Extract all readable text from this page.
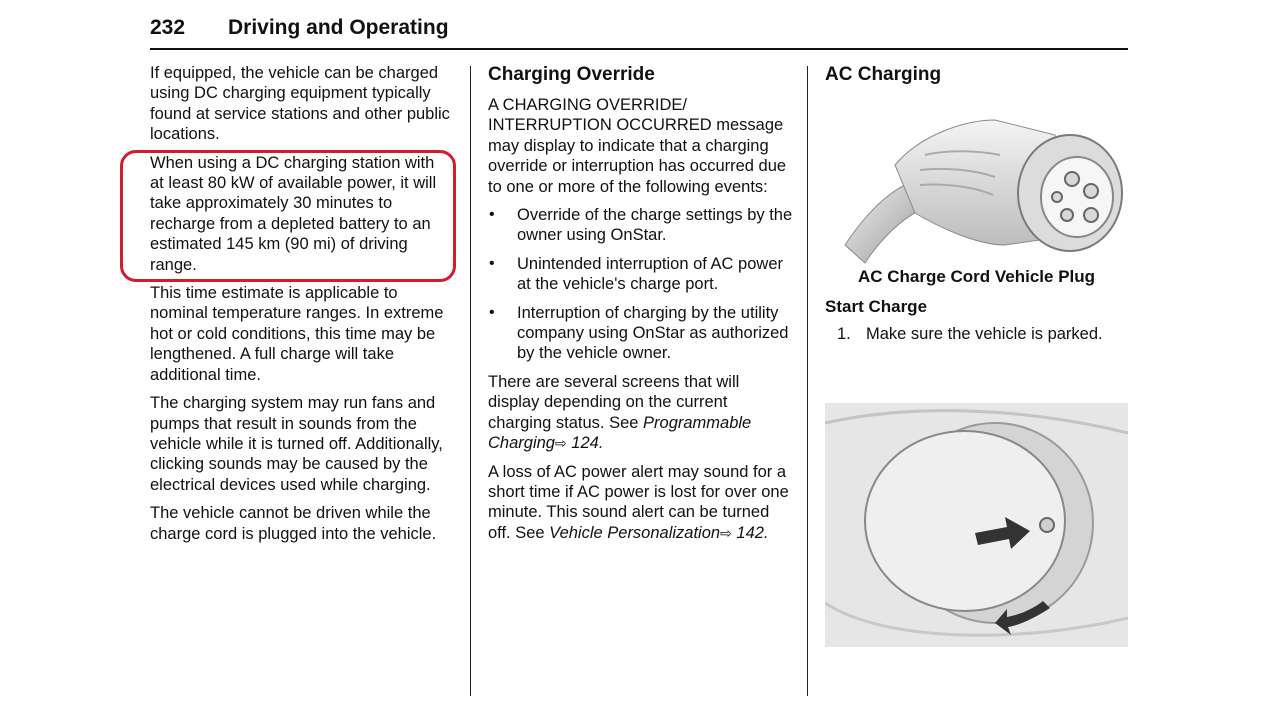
232 Driving and Operating

If equipped, the vehicle can be charged using DC charging equipment typically found at service stations and other public locations.

When using a DC charging station with at least 80 kW of available power, it will take approximately 30 minutes to recharge from a depleted battery to an estimated 145 km (90 mi) of driving range.

This time estimate is applicable to nominal temperature ranges. In extreme hot or cold conditions, this time may be lengthened. A full charge will take additional time.

The charging system may run fans and pumps that result in sounds from the vehicle while it is turned off. Additionally, clicking sounds may be caused by the electrical devices used while charging.

The vehicle cannot be driven while the charge cord is plugged into the vehicle.

Charging Override

A CHARGING OVERRIDE/ INTERRUPTION OCCURRED message may display to indicate that a charging override or interruption has occurred due to one or more of the following events:

• Override of the charge settings by the owner using OnStar.
• Unintended interruption of AC power at the vehicle's charge port.
• Interruption of charging by the utility company using OnStar as authorized by the vehicle owner.

There are several screens that will display depending on the current charging status. See Programmable Charging⇨ 124.

A loss of AC power alert may sound for a short time if AC power is lost for over one minute. This sound alert can be turned off. See Vehicle Personalization⇨ 142.

AC Charging
AC Charge Cord Vehicle Plug
Start Charge
1. Make sure the vehicle is parked.
